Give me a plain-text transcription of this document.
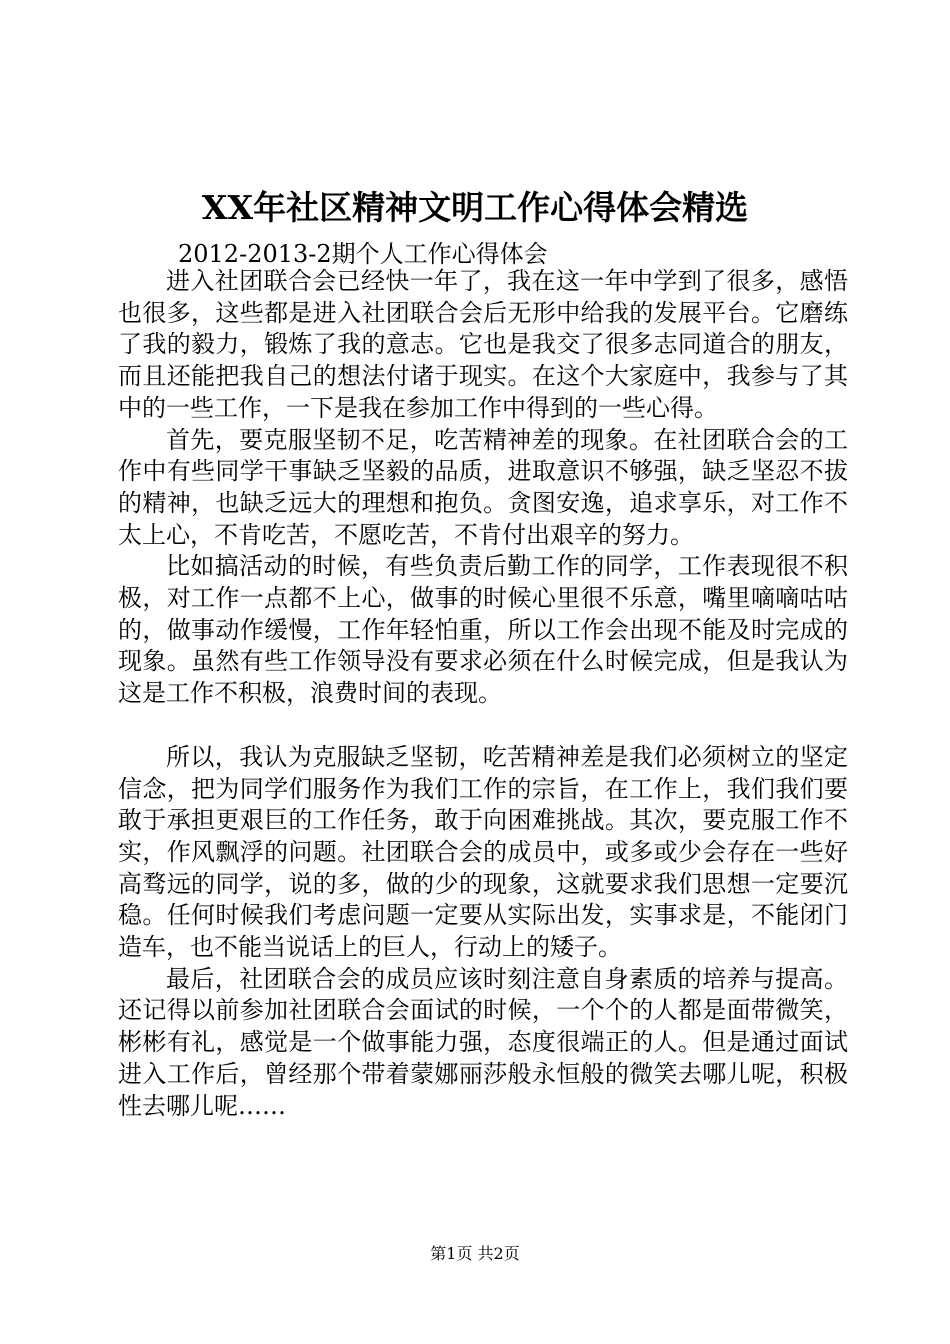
XX年社区精神文明工作心得体会精选
2012-2013-2期个人工作心得体会

进入社团联合会已经快一年了，我在这一年中学到了很多，感悟也很多，这些都是进入社团联合会后无形中给我的发展平台。它磨练了我的毅力，锻炼了我的意志。它也是我交了很多志同道合的朋友，而且还能把我自己的想法付诸于现实。在这个大家庭中，我参与了其中的一些工作，一下是我在参加工作中得到的一些心得。

首先，要克服坚韧不足，吃苦精神差的现象。在社团联合会的工作中有些同学干事缺乏坚毅的品质，进取意识不够强，缺乏坚忍不拔的精神，也缺乏远大的理想和抱负。贪图安逸，追求享乐，对工作不太上心，不肯吃苦，不愿吃苦，不肯付出艰辛的努力。

比如搞活动的时候，有些负责后勤工作的同学，工作表现很不积极，对工作一点都不上心，做事的时候心里很不乐意，嘴里嘀嘀咕咕的，做事动作缓慢，工作年轻怕重，所以工作会出现不能及时完成的现象。虽然有些工作领导没有要求必须在什么时候完成，但是我认为这是工作不积极，浪费时间的表现。

所以，我认为克服缺乏坚韧，吃苦精神差是我们必须树立的坚定信念，把为同学们服务作为我们工作的宗旨，在工作上，我们我们要敢于承担更艰巨的工作任务，敢于向困难挑战。其次，要克服工作不实，作风飘浮的问题。社团联合会的成员中，或多或少会存在一些好高骛远的同学，说的多，做的少的现象，这就要求我们思想一定要沉稳。任何时候我们考虑问题一定要从实际出发，实事求是，不能闭门造车，也不能当说话上的巨人，行动上的矮子。

最后，社团联合会的成员应该时刻注意自身素质的培养与提高。还记得以前参加社团联合会面试的时候，一个个的人都是面带微笑，彬彬有礼，感觉是一个做事能力强，态度很端正的人。但是通过面试进入工作后，曾经那个带着蒙娜丽莎般永恒般的微笑去哪儿呢，积极性去哪儿呢……

第1页 共2页
